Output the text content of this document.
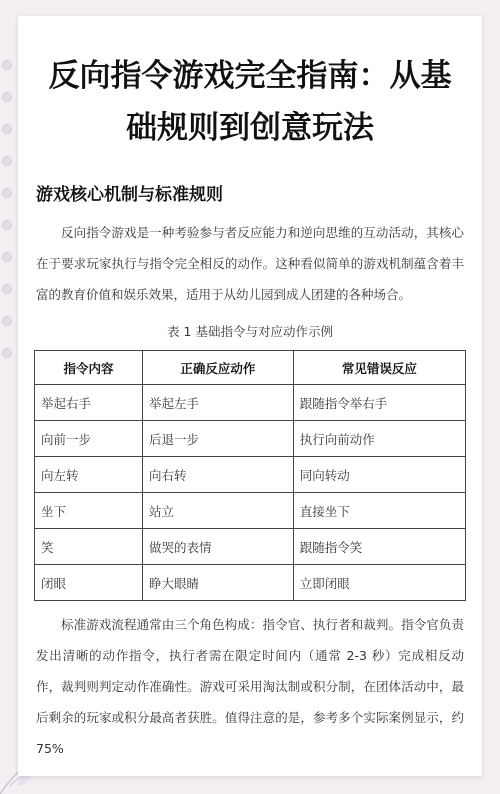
反向指令游戏完全指南：从基础规则到创意玩法
游戏核心机制与标准规则

反向指令游戏是一种考验参与者反应能力和逆向思维的互动活动，其核心在于要求玩家执行与指令完全相反的动作。这种看似简单的游戏机制蕴含着丰富的教育价值和娱乐效果，适用于从幼儿园到成人团建的各种场合。

表 1 基础指令与对应动作示例
指令内容	正确反应动作	常见错误反应
举起右手	举起左手	跟随指令举右手
向前一步	后退一步	执行向前动作
向左转	向右转	同向转动
坐下	站立	直接坐下
笑	做哭的表情	跟随指令笑
闭眼	睁大眼睛	立即闭眼

标准游戏流程通常由三个角色构成：指令官、执行者和裁判。指令官负责发出清晰的动作指令，执行者需在限定时间内（通常 2-3 秒）完成相反动作，裁判则判定动作准确性。游戏可采用淘汰制或积分制，在团体活动中，最后剩余的玩家或积分最高者获胜。值得注意的是，参考多个实际案例显示，约 75%
